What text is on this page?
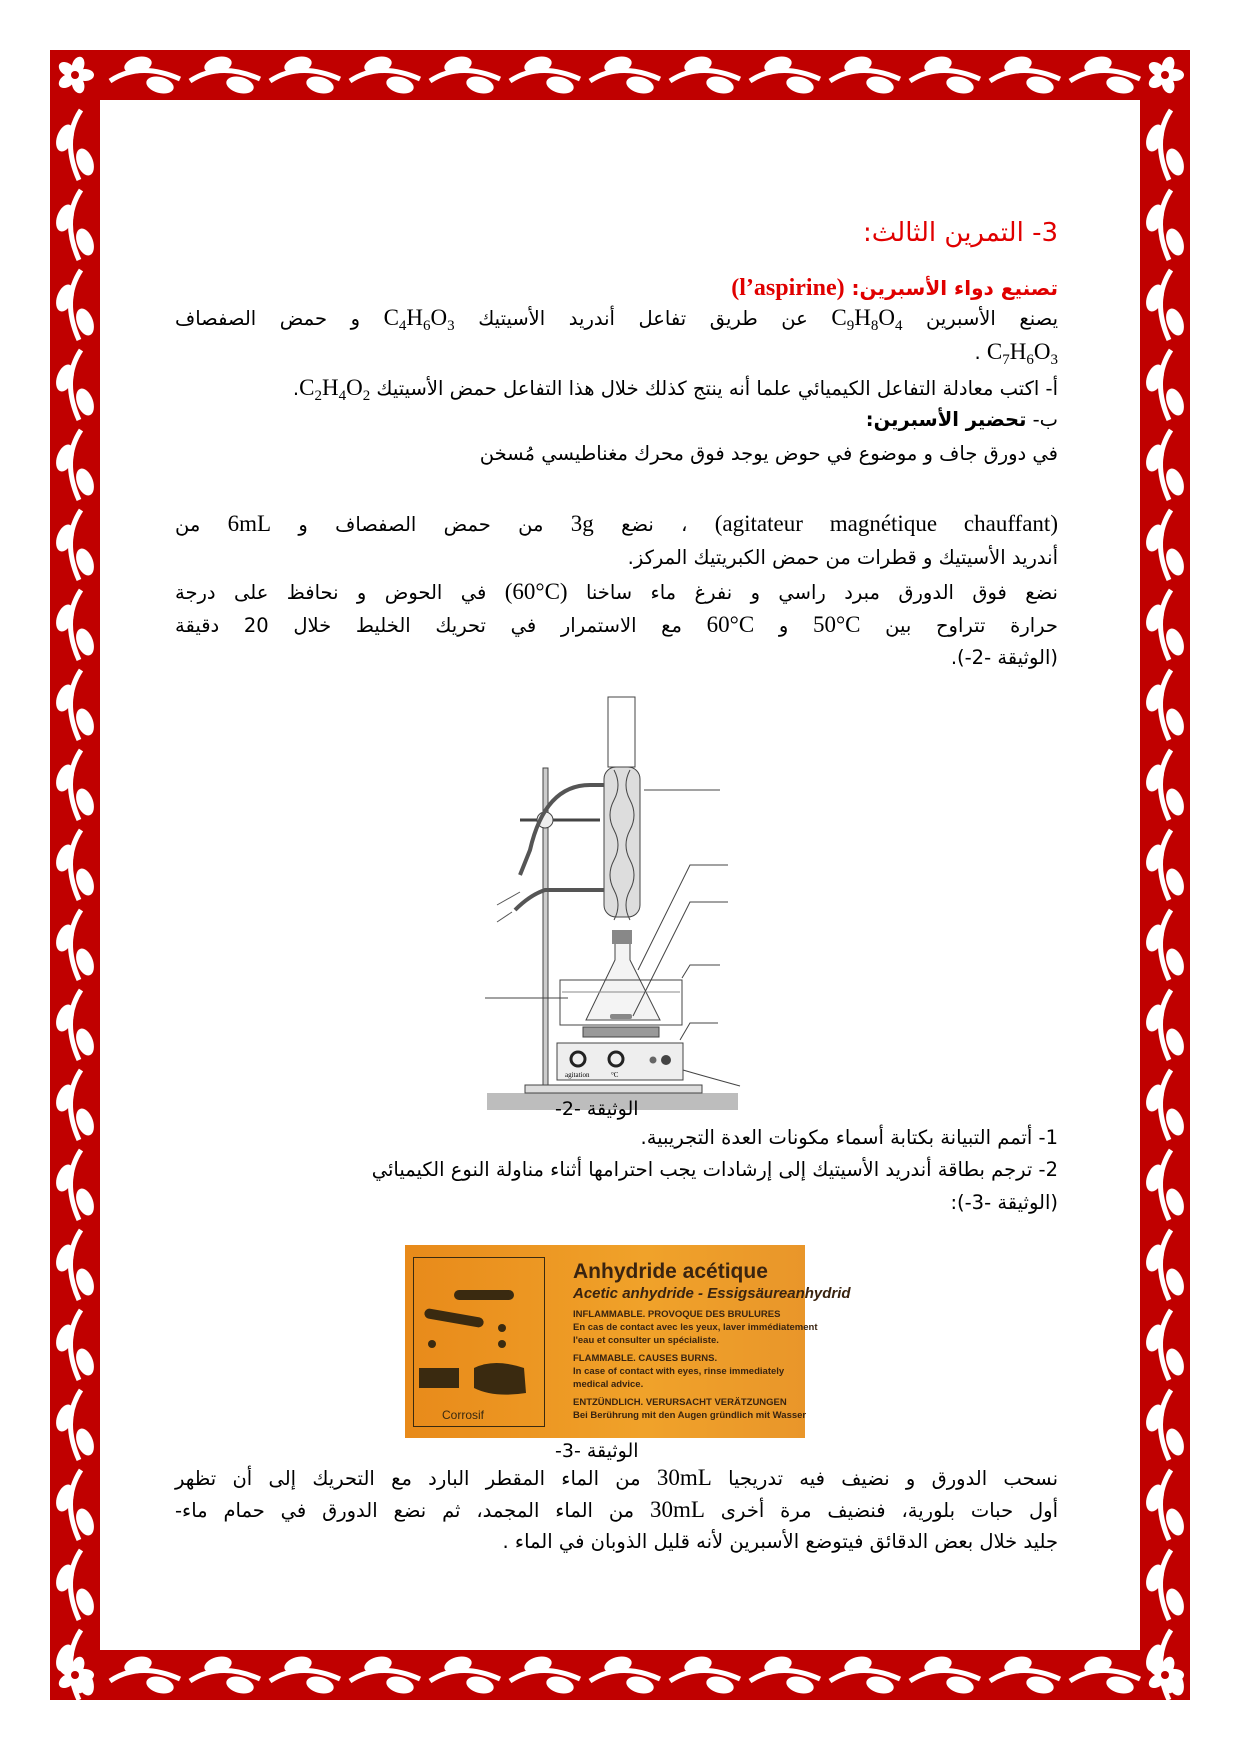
3- التمرين الثالث:
تصنيع دواء الأسبرين: (l’aspirine)
يصنع الأسبرين $C_9H_8O_4$ عن طريق تفاعل أندريد الأسيتيك $C_4H_6O_3$ و حمض الصفصاف
$C_7H_6O_3$ .
أ- اكتب معادلة التفاعل الكيميائي علما أنه ينتج كذلك خلال هذا التفاعل حمض الأسيتيك $C_2H_4O_2$.
ب- تحضير الأسبرين:
في دورق جاف و موضوع في حوض يوجد فوق محرك مغناطيسي مُسخن
(agitateur magnétique chauffant) ، نضع 3g من حمض الصفصاف و 6mL من
أندريد الأسيتيك و قطرات من حمض الكبريتيك المركز.
نضع فوق الدورق مبرد راسي و نفرغ ماء ساخنا (60°C) في الحوض و نحافظ على درجة
حرارة تتراوح بين 50°C و 60°C مع الاستمرار في تحريك الخليط خلال 20 دقيقة
(الوثيقة -2-).
1- أتمم التبيانة بكتابة أسماء مكونات العدة التجريبية.
2- ترجم بطاقة أندريد الأسيتيك إلى إرشادات يجب احترامها أثناء مناولة النوع الكيميائي
(الوثيقة -3-):
نسحب الدورق و نضيف فيه تدريجيا 30mL من الماء المقطر البارد مع التحريك إلى أن تظهر
أول حبات بلورية، فنضيف مرة أخرى 30mL من الماء المجمد، ثم نضع الدورق في حمام ماء-
جليد خلال بعض الدقائق فيتوضع الأسبرين لأنه قليل الذوبان في الماء .
agitation	°C
الوثيقة -2-
Corrosif
Anhydride acétique
Acetic anhydride - Essigsäureanhydrid
INFLAMMABLE. PROVOQUE DES BRULURES
En cas de contact avec les yeux, laver immédiatement
l'eau et consulter un spécialiste.
FLAMMABLE. CAUSES BURNS.
In case of contact with eyes, rinse immediately
medical advice.
ENTZÜNDLICH. VERURSACHT VERÄTZUNGEN
Bei Berührung mit den Augen gründlich mit Wasser
الوثيقة -3-
